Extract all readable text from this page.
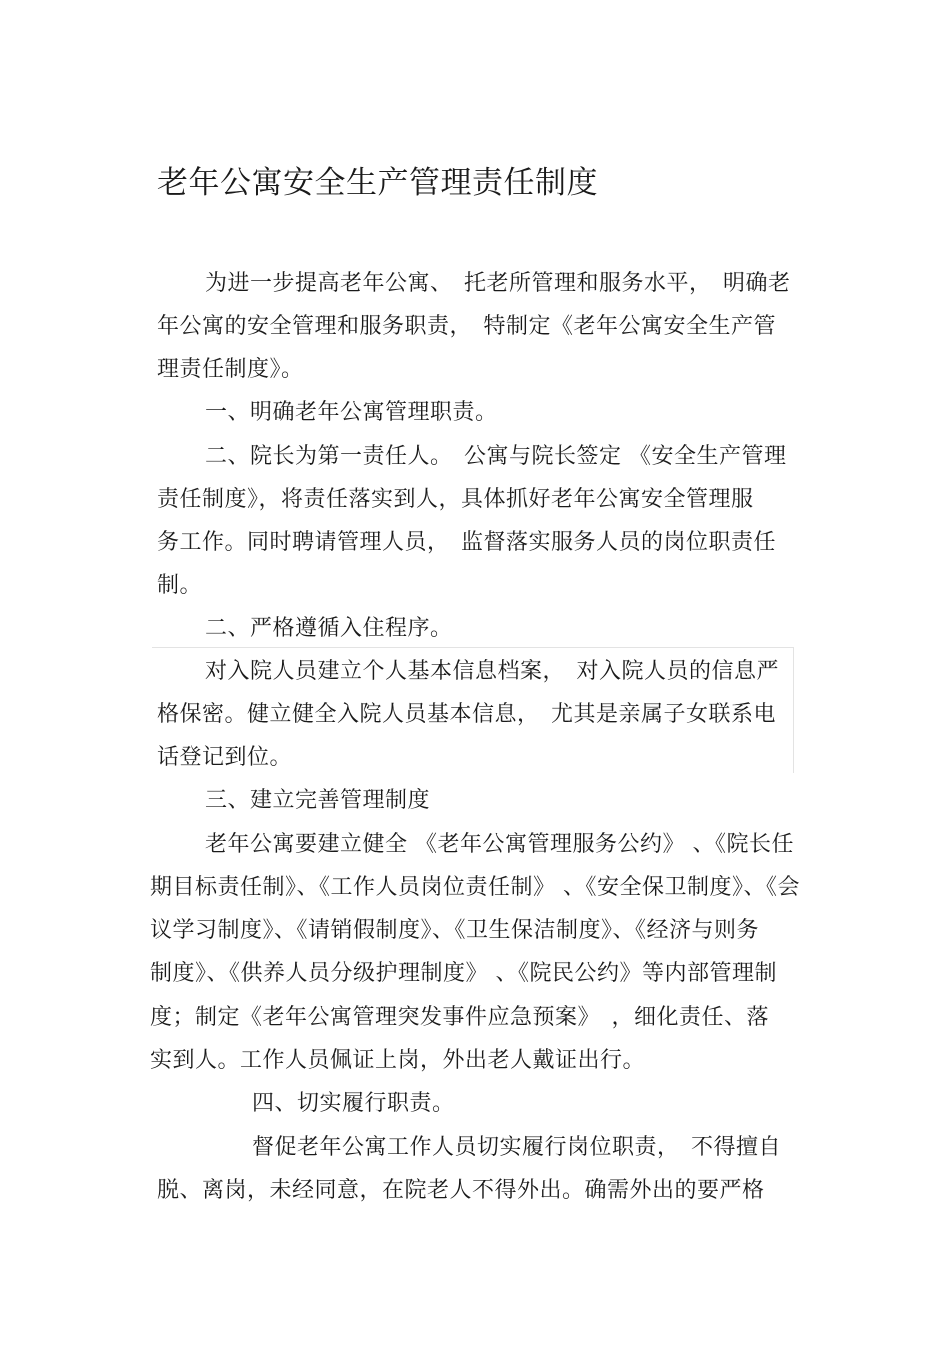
老年公寓安全生产管理责任制度
为进一步提高老年公寓、　托老所管理和服务水平，　明确老
年公寓的安全管理和服务职责，　特制定《老年公寓安全生产管
理责任制度》。
一、明确老年公寓管理职责。
二、院长为第一责任人。　公寓与院长签定 《安全生产管理
责任制度》，将责任落实到人，具体抓好老年公寓安全管理服
务工作。同时聘请管理人员，　监督落实服务人员的岗位职责任
制。
二、严格遵循入住程序。
对入院人员建立个人基本信息档案，　对入院人员的信息严
格保密。健立健全入院人员基本信息，　尤其是亲属子女联系电
话登记到位。
三、建立完善管理制度
老年公寓要建立健全 《老年公寓管理服务公约》 、《院长任
期目标责任制》、《工作人员岗位责任制》 、《安全保卫制度》、《会
议学习制度》、《请销假制度》、《卫生保洁制度》、《经济与则务
制度》、《供养人员分级护理制度》 、《院民公约》等内部管理制
度；制定《老年公寓管理突发事件应急预案》　，细化责任、落
实到人。工作人员佩证上岗，外出老人戴证出行。
四、切实履行职责。
督促老年公寓工作人员切实履行岗位职责，　不得擅自
脱、离岗，未经同意，在院老人不得外出。确需外出的要严格
